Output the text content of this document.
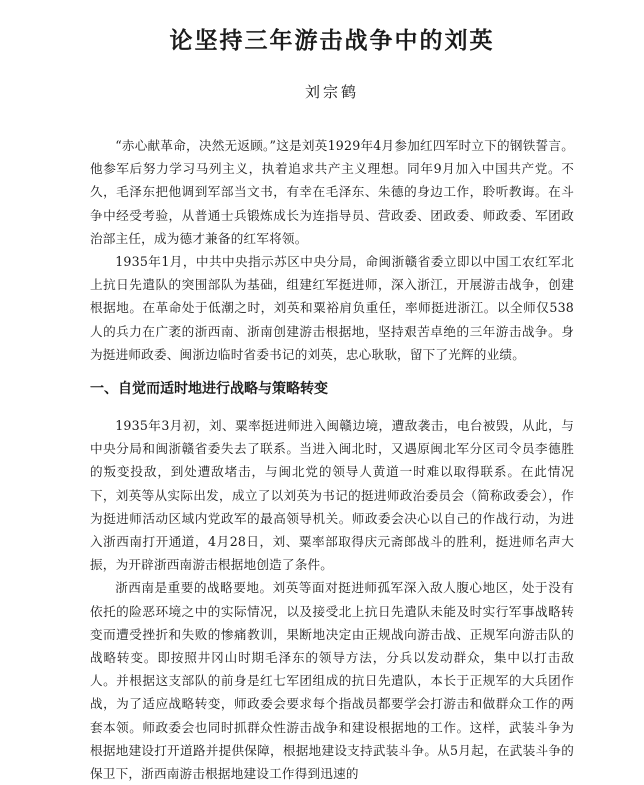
论坚持三年游击战争中的刘英
刘宗鹤

“赤心献革命，决然无返顾。”这是刘英1929年4月参加红四军时立下的钢铁誓言。他参军后努力学习马列主义，执着追求共产主义理想。同年9月加入中国共产党。不久，毛泽东把他调到军部当文书，有幸在毛泽东、朱德的身边工作，聆听教诲。在斗争中经受考验，从普通士兵锻炼成长为连指导员、营政委、团政委、师政委、军团政治部主任，成为德才兼备的红军将领。

1935年1月，中共中央指示苏区中央分局，命闽浙赣省委立即以中国工农红军北上抗日先遣队的突围部队为基础，组建红军挺进师，深入浙江，开展游击战争，创建根据地。在革命处于低潮之时，刘英和粟裕肩负重任，率师挺进浙江。以全师仅538人的兵力在广袤的浙西南、浙南创建游击根据地，坚持艰苦卓绝的三年游击战争。身为挺进师政委、闽浙边临时省委书记的刘英，忠心耿耿，留下了光辉的业绩。

一、自觉而适时地进行战略与策略转变

1935年3月初，刘、粟率挺进师进入闽赣边境，遭敌袭击，电台被毁，从此，与中央分局和闽浙赣省委失去了联系。当进入闽北时，又遇原闽北军分区司令员李德胜的叛变投敌，到处遭敌堵击，与闽北党的领导人黄道一时难以取得联系。在此情况下，刘英等从实际出发，成立了以刘英为书记的挺进师政治委员会（简称政委会），作为挺进师活动区域内党政军的最高领导机关。师政委会决心以自己的作战行动，为进入浙西南打开通道，4月28日，刘、粟率部取得庆元斋郎战斗的胜利，挺进师名声大振，为开辟浙西南游击根据地创造了条件。

浙西南是重要的战略要地。刘英等面对挺进师孤军深入敌人腹心地区，处于没有依托的险恶环境之中的实际情况，以及接受北上抗日先遣队未能及时实行军事战略转变而遭受挫折和失败的惨痛教训，果断地决定由正规战向游击战、正规军向游击队的战略转变。即按照井冈山时期毛泽东的领导方法，分兵以发动群众，集中以打击敌人。并根据这支部队的前身是红七军团组成的抗日先遣队，本长于正规军的大兵团作战，为了适应战略转变，师政委会要求每个指战员都要学会打游击和做群众工作的两套本领。师政委会也同时抓群众性游击战争和建设根据地的工作。这样，武装斗争为根据地建设打开道路并提供保障，根据地建设支持武装斗争。从5月起，在武装斗争的保卫下，浙西南游击根据地建设工作得到迅速的
